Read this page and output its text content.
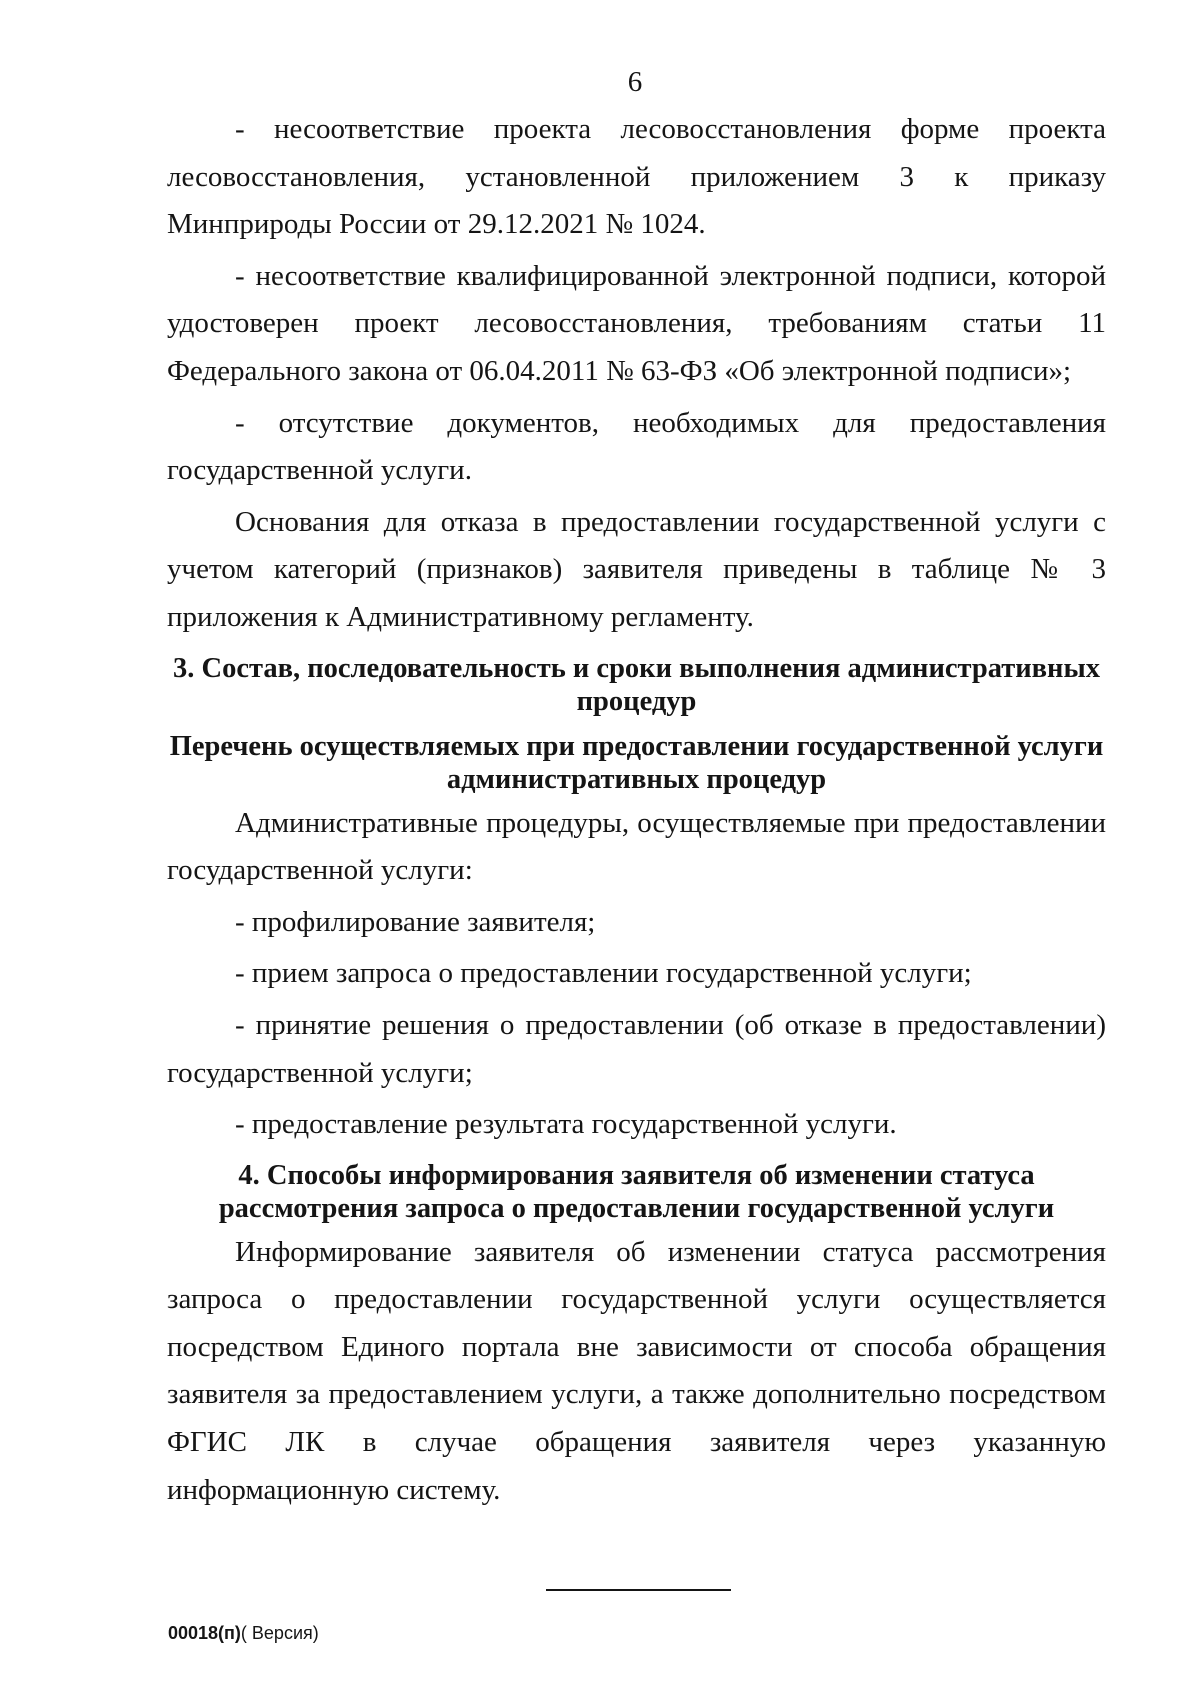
6

- несоответствие проекта лесовосстановления форме проекта лесовосстановления, установленной приложением 3 к приказу Минприроды России от 29.12.2021 № 1024.

- несоответствие квалифицированной электронной подписи, которой удостоверен проект лесовосстановления, требованиям статьи 11 Федерального закона от 06.04.2011 № 63-ФЗ «Об электронной подписи»;

- отсутствие документов, необходимых для предоставления государственной услуги.

Основания для отказа в предоставлении государственной услуги с учетом категорий (признаков) заявителя приведены в таблице № 3 приложения к Административному регламенту.

3. Состав, последовательность и сроки выполнения административных

процедур

Перечень осуществляемых при предоставлении государственной услуги

административных процедур

Административные процедуры, осуществляемые при предоставлении государственной услуги:

- профилирование заявителя;

- прием запроса о предоставлении государственной услуги;

- принятие решения о предоставлении (об отказе в предоставлении) государственной услуги;

- предоставление результата государственной услуги.

4. Способы информирования заявителя об изменении статуса

рассмотрения запроса о предоставлении государственной услуги

Информирование заявителя об изменении статуса рассмотрения запроса о предоставлении государственной услуги осуществляется посредством Единого портала вне зависимости от способа обращения заявителя за предоставлением услуги, а также дополнительно посредством ФГИС ЛК в случае обращения заявителя через указанную информационную систему.

00018(п)( Версия)
